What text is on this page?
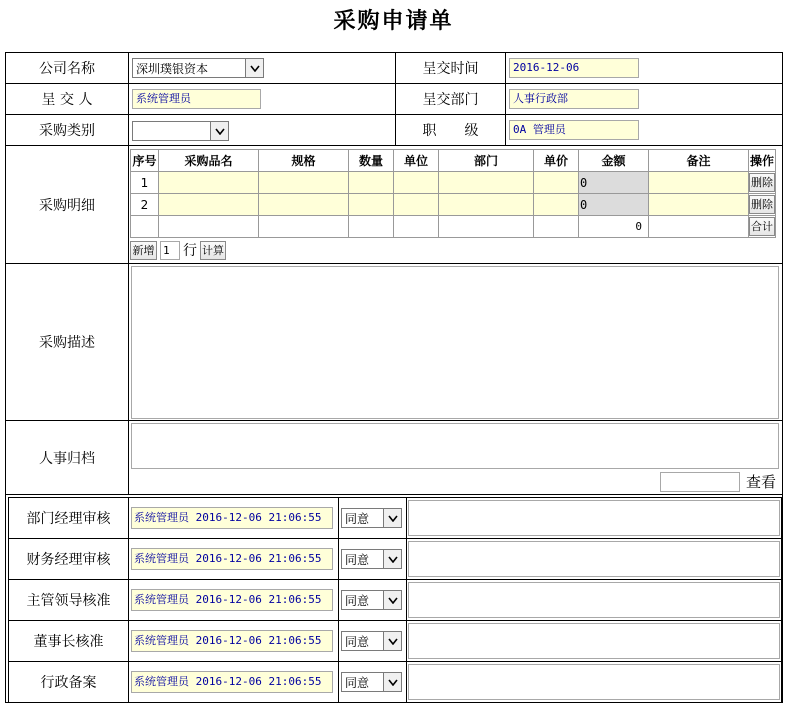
采购申请单
公司名称	深圳璞银资本	呈交时间	2016-12-06

呈 交 人	系统管理员	呈交部门	人事行政部

采购类别		职　　级	0A 管理员

采购明细	
序号	采购品名	规格	数量	单位	部门	单价	金额	备注	操作
1							0		删除
2							0		删除
							0		合计
新增 1 行 计算

采购描述	

人事归档	
查看

部门经理审核	系统管理员 2016-12-06 21:06:55	同意

财务经理审核	系统管理员 2016-12-06 21:06:55	同意

主管领导核准	系统管理员 2016-12-06 21:06:55	同意

董事长核准	系统管理员 2016-12-06 21:06:55	同意

行政备案	系统管理员 2016-12-06 21:06:55	同意
